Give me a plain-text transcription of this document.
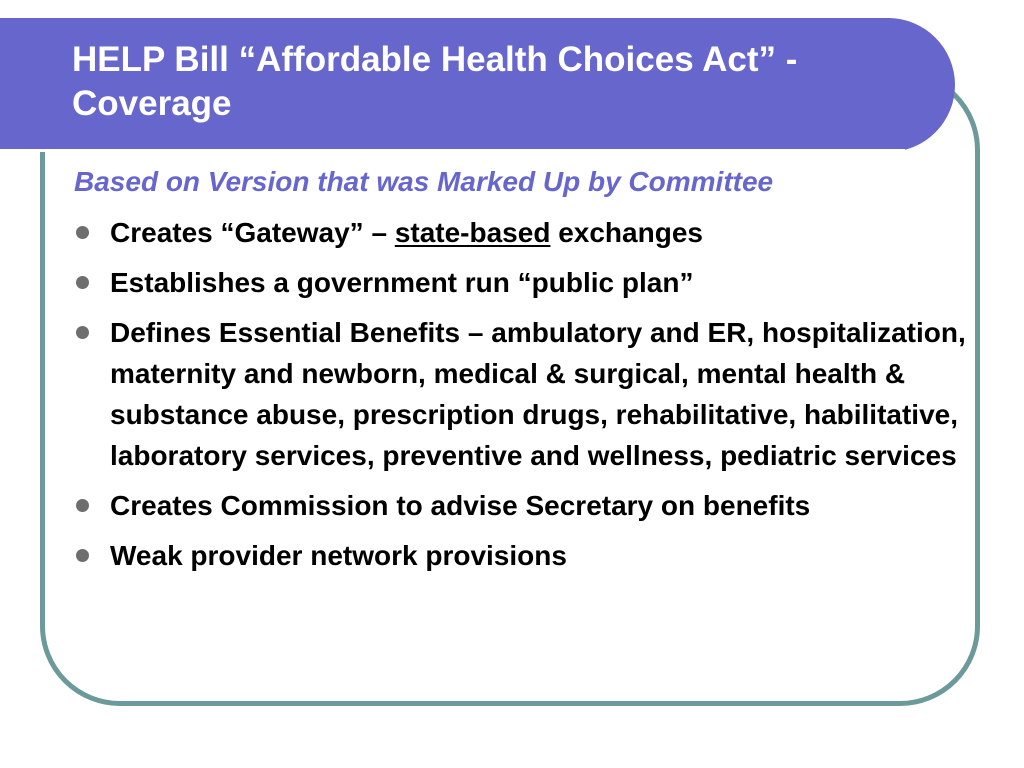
HELP Bill “Affordable Health Choices Act” - Coverage
Based on Version that was Marked Up by Committee
Creates “Gateway” – state-based exchanges
Establishes a government run “public plan”
Defines Essential Benefits – ambulatory and ER, hospitalization, maternity and newborn, medical & surgical, mental health & substance abuse, prescription drugs, rehabilitative, habilitative, laboratory services, preventive and wellness, pediatric services
Creates Commission to advise Secretary on benefits
Weak provider network provisions
